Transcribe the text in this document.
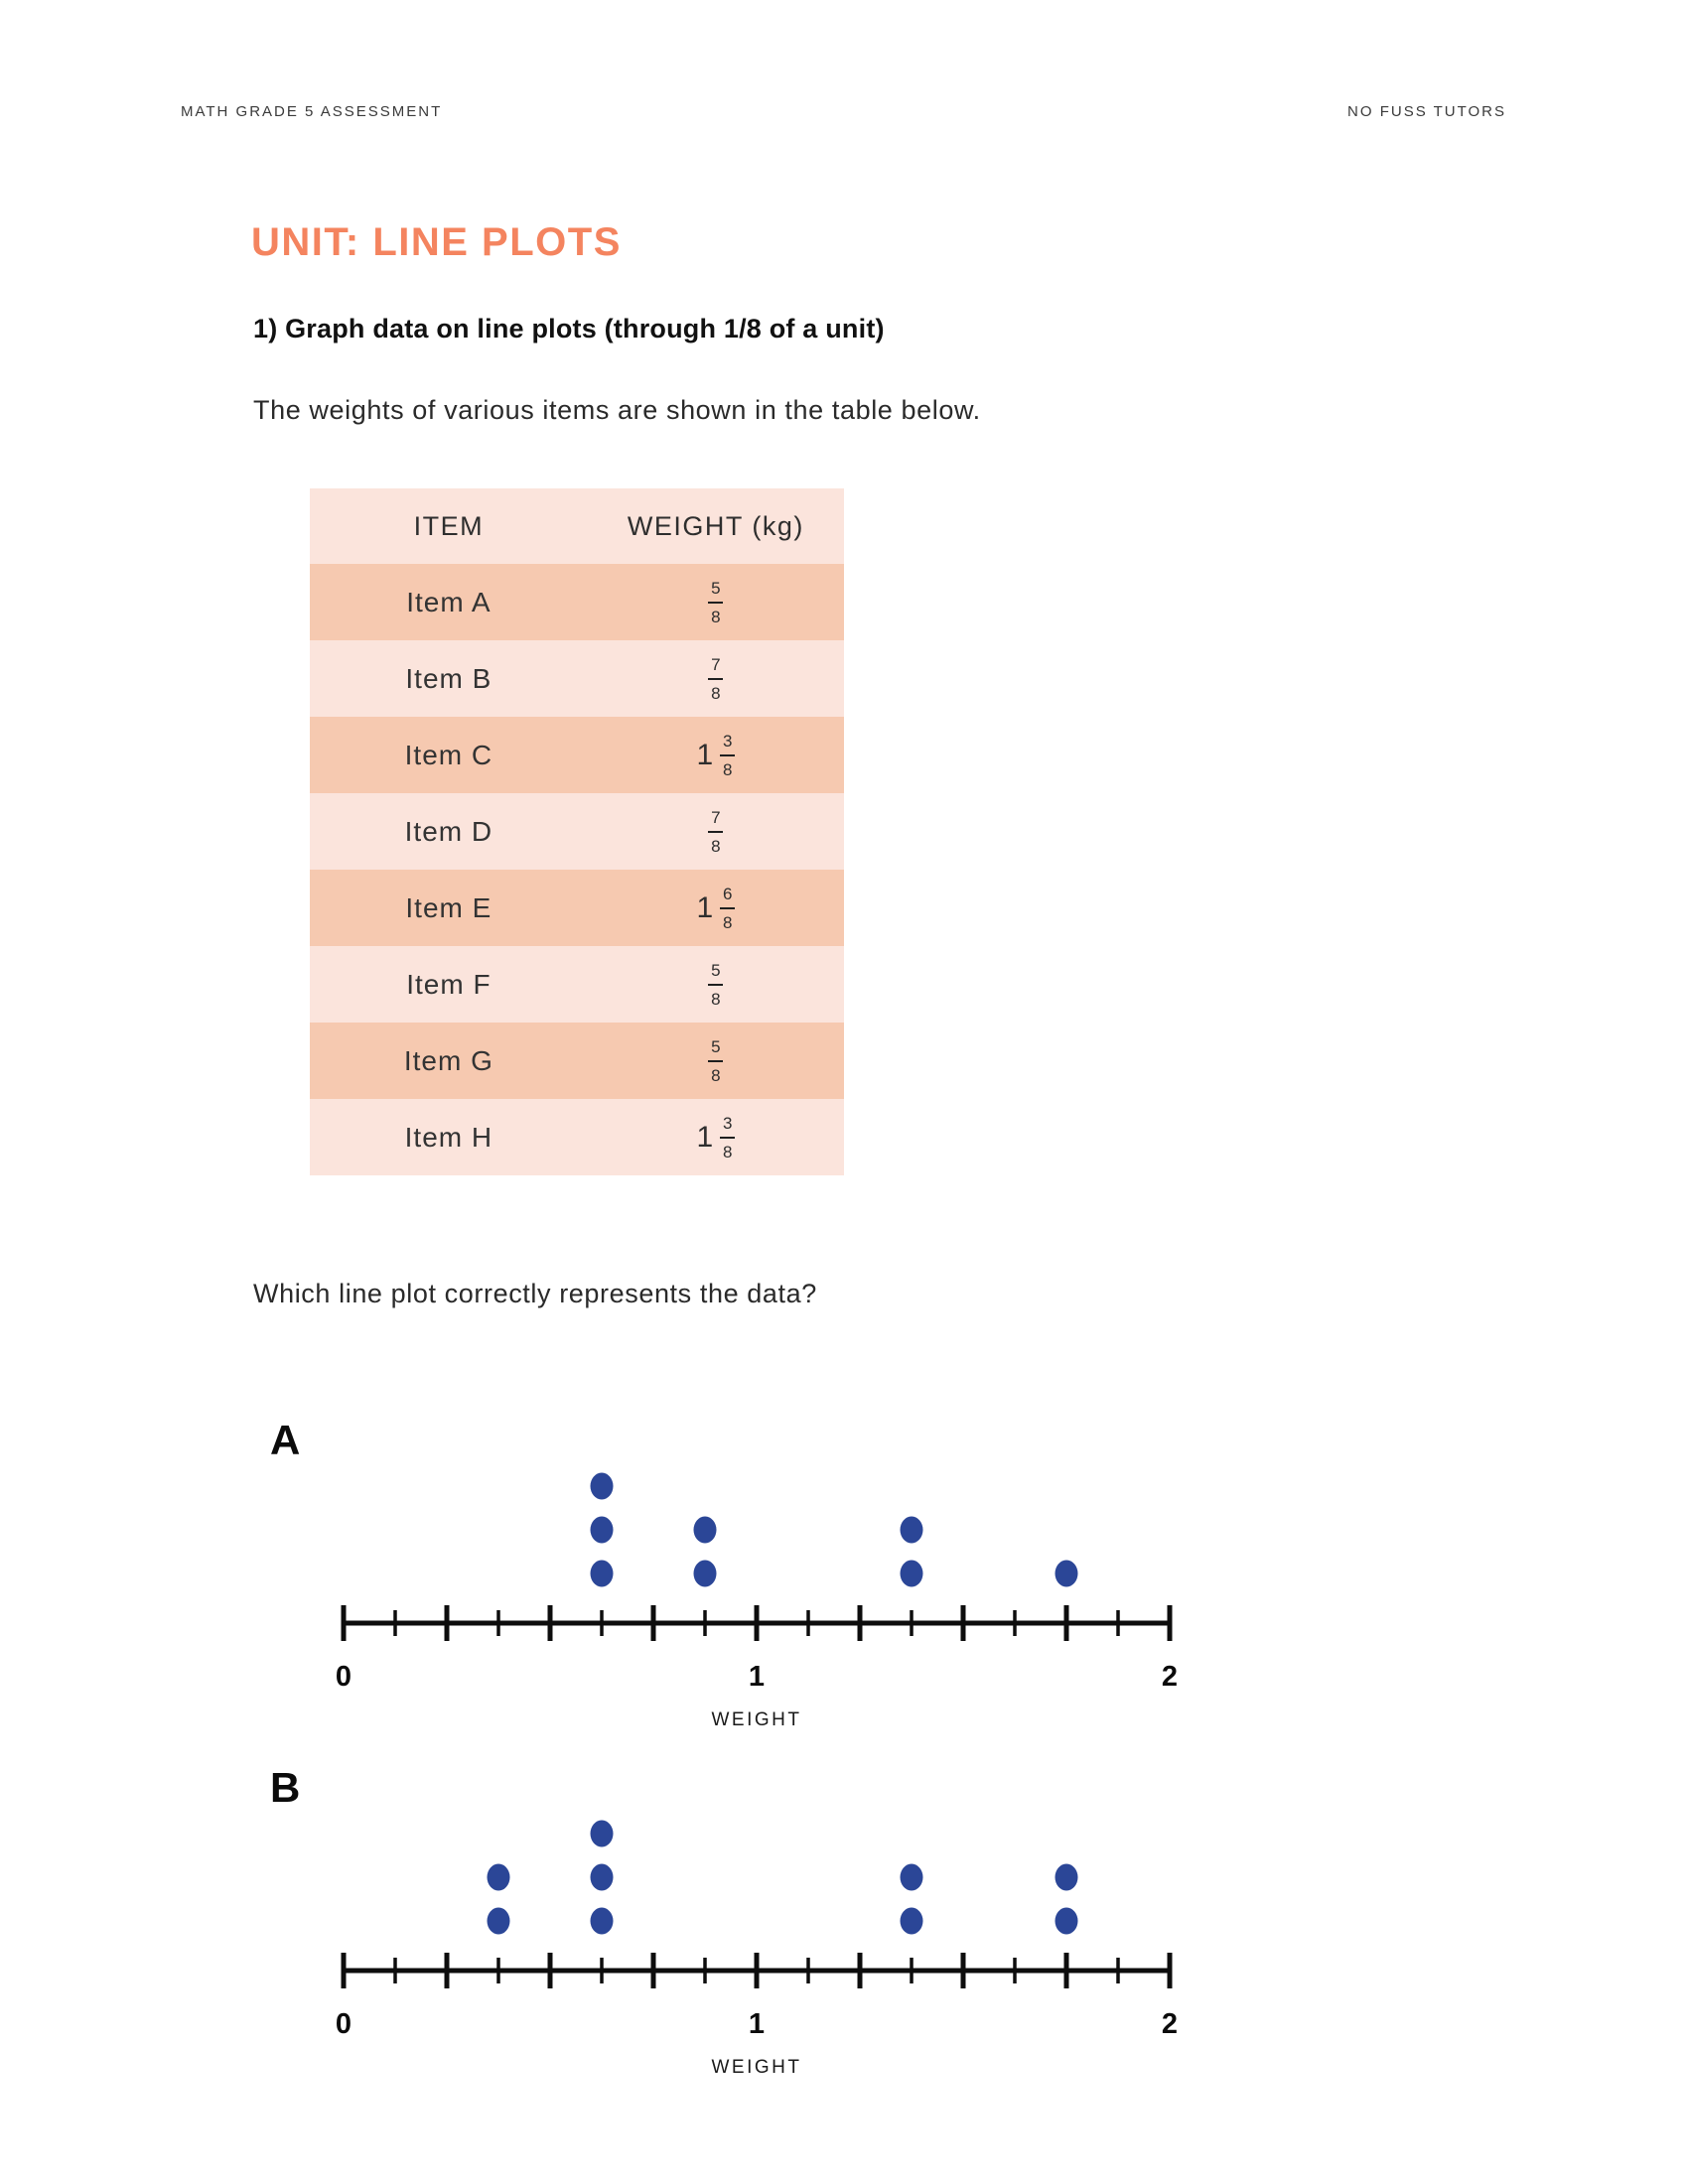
MATH GRADE 5 ASSESSMENT	NO FUSS TUTORS
UNIT: LINE PLOTS
1) Graph data on line plots (through 1/8 of a unit)

The weights of various items are shown in the table below.

ITEM	WEIGHT (kg)
Item A	$\frac{5}{8}$
Item B	$\frac{7}{8}$
Item C	$1 \frac{3}{8}$
Item D	$\frac{7}{8}$
Item E	$1 \frac{6}{8}$
Item F	$\frac{5}{8}$
Item G	$\frac{5}{8}$
Item H	$1 \frac{3}{8}$

Which line plot correctly represents the data?

A
0	1	2
WEIGHT
B
0	1	2
WEIGHT
